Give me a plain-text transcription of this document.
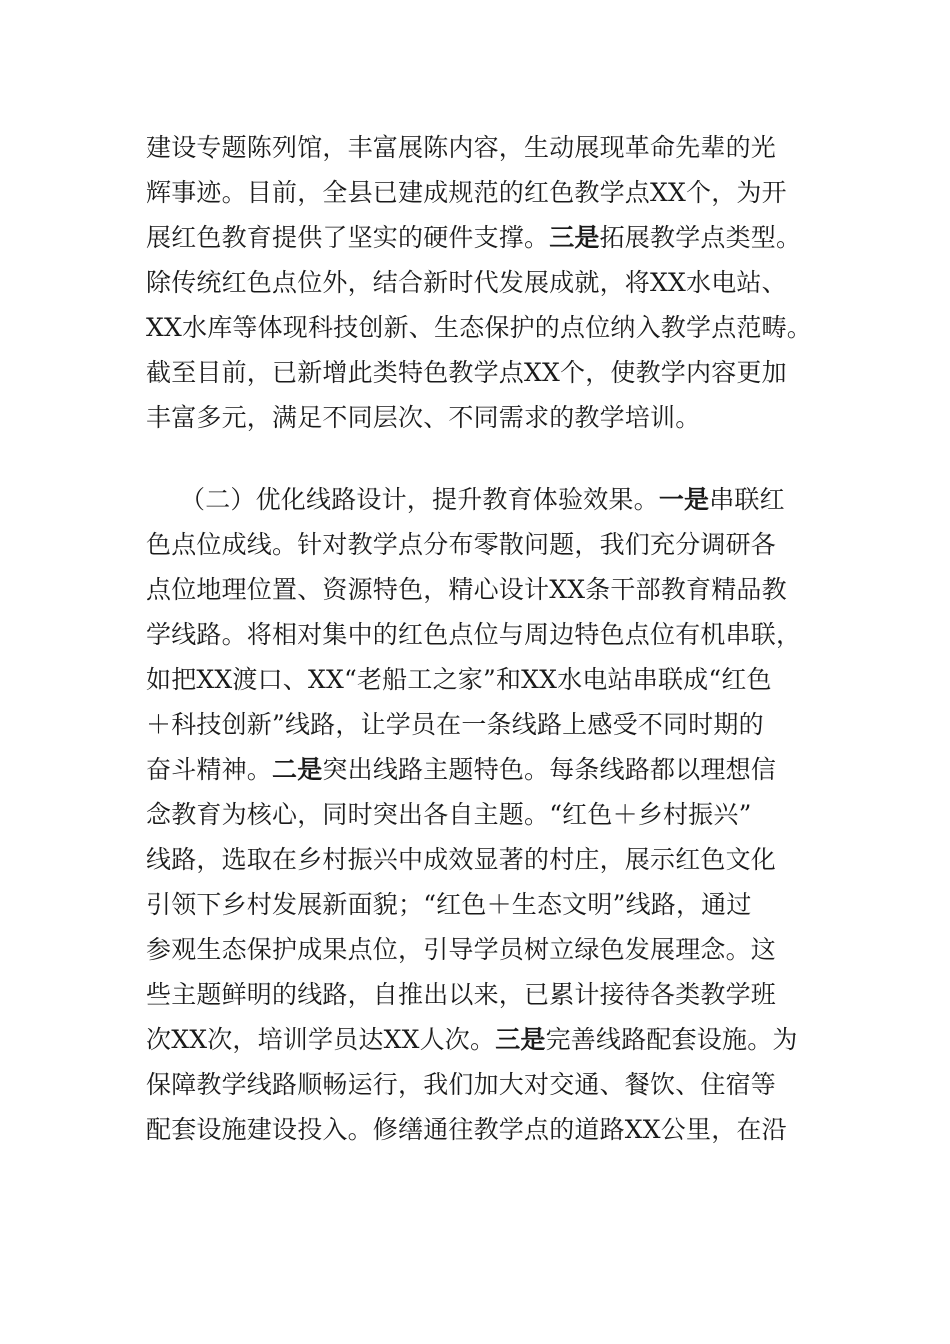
建设专题陈列馆，丰富展陈内容，生动展现革命先辈的光
辉事迹。目前，全县已建成规范的红色教学点XX个，为开
展红色教育提供了坚实的硬件支撑。三是拓展教学点类型。
除传统红色点位外，结合新时代发展成就，将XX水电站、
XX水库等体现科技创新、生态保护的点位纳入教学点范畴。
截至目前，已新增此类特色教学点XX个，使教学内容更加
丰富多元，满足不同层次、不同需求的教学培训。
（二）优化线路设计，提升教育体验效果。一是串联红
色点位成线。针对教学点分布零散问题，我们充分调研各
点位地理位置、资源特色，精心设计XX条干部教育精品教
学线路。将相对集中的红色点位与周边特色点位有机串联，
如把XX渡口、XX“老船工之家”和XX水电站串联成“红色
＋科技创新”线路，让学员在一条线路上感受不同时期的
奋斗精神。二是突出线路主题特色。每条线路都以理想信
念教育为核心，同时突出各自主题。“红色＋乡村振兴”
线路，选取在乡村振兴中成效显著的村庄，展示红色文化
引领下乡村发展新面貌；“红色＋生态文明”线路，通过
参观生态保护成果点位，引导学员树立绿色发展理念。这
些主题鲜明的线路，自推出以来，已累计接待各类教学班
次XX次，培训学员达XX人次。三是完善线路配套设施。为
保障教学线路顺畅运行，我们加大对交通、餐饮、住宿等
配套设施建设投入。修缮通往教学点的道路XX公里，在沿
